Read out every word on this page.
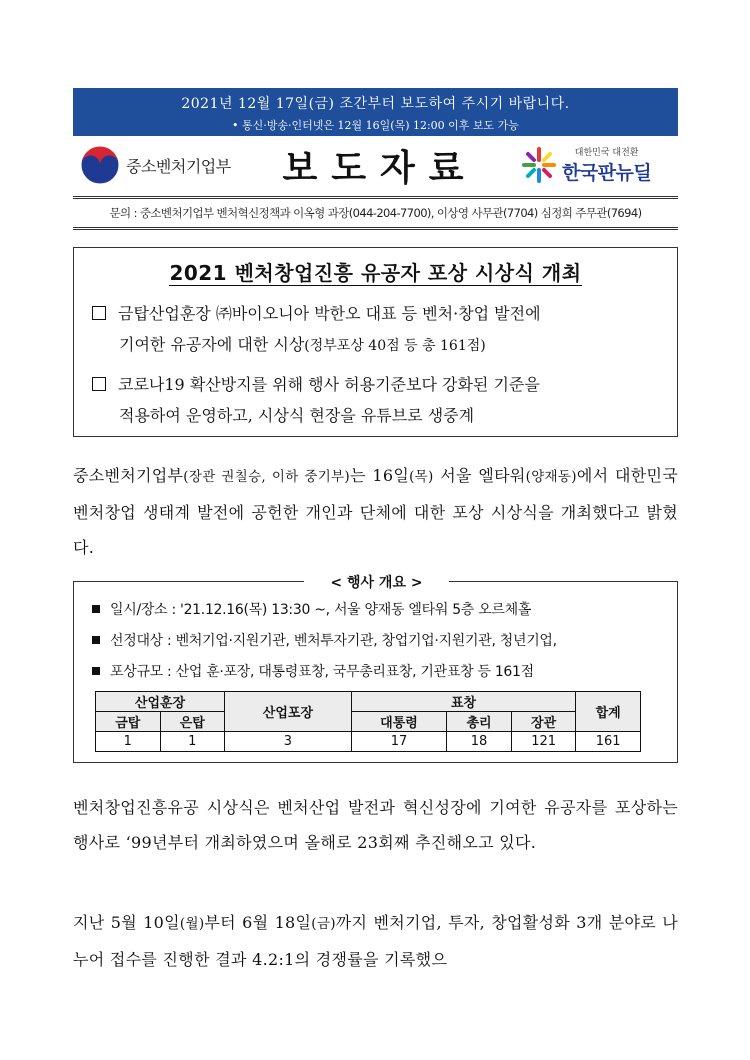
2021년 12월 17일(금) 조간부터 보도하여 주시기 바랍니다.
• 통신·방송·인터넷은 12월 16일(목) 12:00 이후 보도 가능
중소벤처기업부	보도자료	대한민국 대전환
한국판뉴딜
문의 : 중소벤처기업부 벤처혁신정책과 이옥형 과장(044-204-7700), 이상영 사무관(7704) 심정희 주무관(7694)
2021 벤처창업진흥 유공자 포상 시상식 개최
금탑산업훈장 ㈜바이오니아 박한오 대표 등 벤처·창업 발전에
기여한 유공자에 대한 시상(정부포상 40점 등 총 161점)
코로나19 확산방지를 위해 행사 허용기준보다 강화된 기준을
적용하여 운영하고, 시상식 현장을 유튜브로 생중계
중소벤처기업부(장관 권칠승, 이하 중기부)는 16일(목) 서울 엘타워(양재동)에서 대한민국 벤처창업 생태계 발전에 공헌한 개인과 단체에 대한 포상 시상식을 개최했다고 밝혔다.
< 행사 개요 >
일시/장소 : '21.12.16(목) 13:30 ~, 서울 양재동 엘타워 5층 오르체홀
선정대상 : 벤처기업·지원기관, 벤처투자기관, 창업기업·지원기관, 청년기업,
포상규모 : 산업 훈·포장, 대통령표창, 국무총리표창, 기관표창 등 161점
산업훈장		산업포장	표창			합계
금탑	은탑		대통령	총리	장관	
1	1	3	17	18	121	161
벤처창업진흥유공 시상식은 벤처산업 발전과 혁신성장에 기여한 유공자를 포상하는 행사로 ‘99년부터 개최하였으며 올해로 23회째 추진해오고 있다.
지난 5월 10일(월)부터 6월 18일(금)까지 벤처기업, 투자, 창업활성화 3개 분야로 나누어 접수를 진행한 결과 4.2:1의 경쟁률을 기록했으
